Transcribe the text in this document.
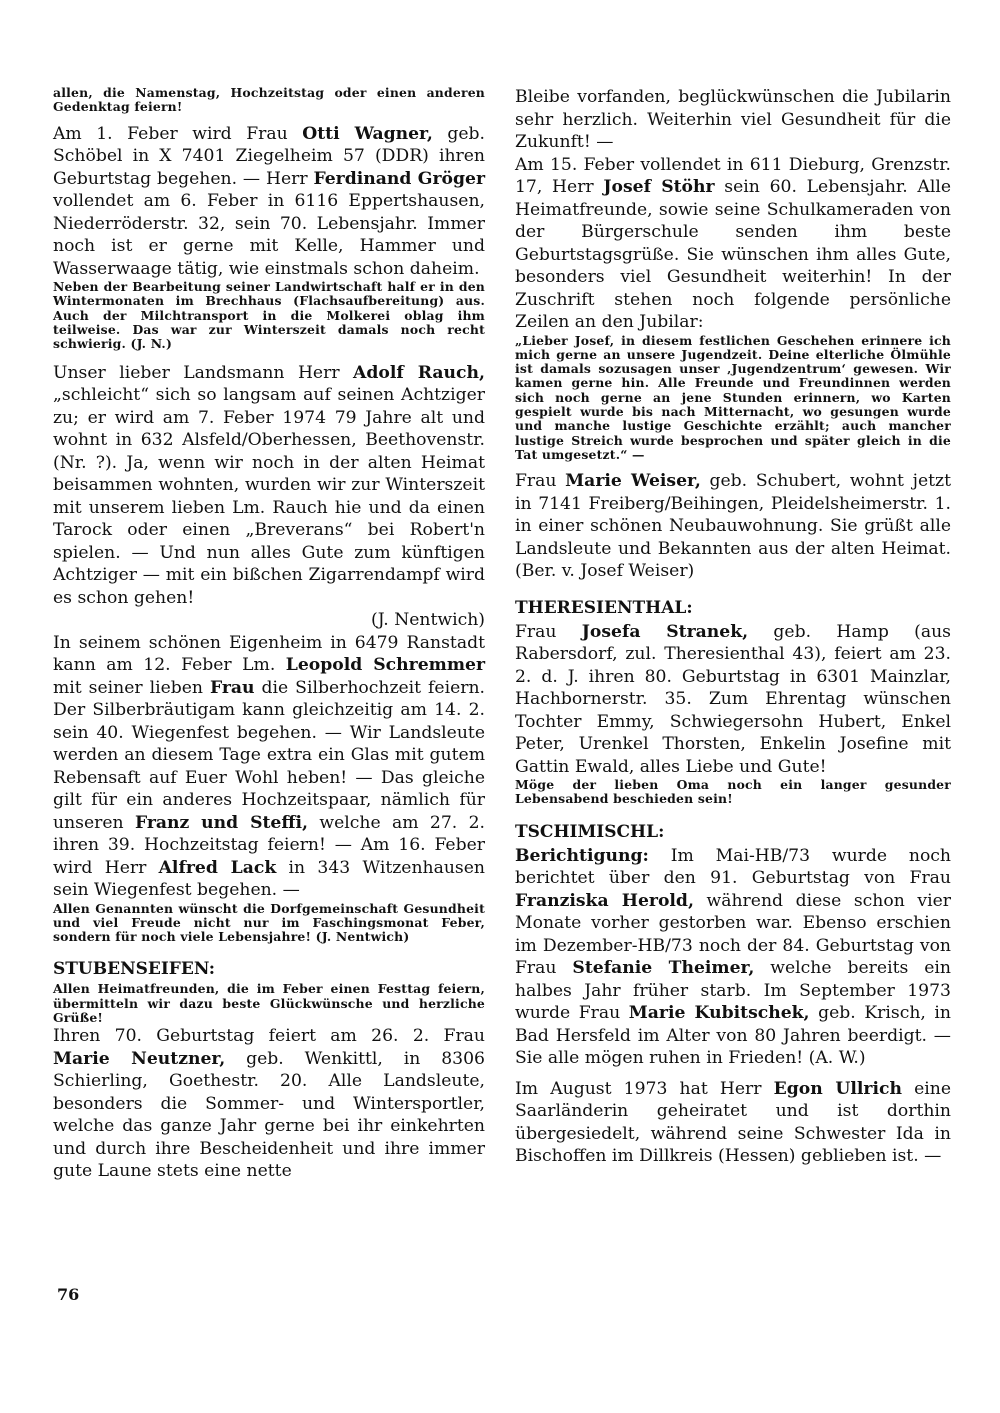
allen, die Namenstag, Hochzeitstag oder einen anderen Gedenktag feiern!

Am 1. Feber wird Frau Otti Wagner, geb. Schöbel in X 7401 Ziegelheim 57 (DDR) ihren Geburtstag begehen. — Herr Ferdinand Gröger vollendet am 6. Feber in 6116 Eppertshausen, Niederröderstr. 32, sein 70. Lebensjahr. Immer noch ist er gerne mit Kelle, Hammer und Wasserwaage tätig, wie einstmals schon daheim.

Neben der Bearbeitung seiner Landwirtschaft half er in den Wintermonaten im Brechhaus (Flachsaufbereitung) aus. Auch der Milchtransport in die Molkerei oblag ihm teilweise. Das war zur Winterszeit damals noch recht schwierig. (J. N.)

Unser lieber Landsmann Herr Adolf Rauch, „schleicht“ sich so langsam auf seinen Achtziger zu; er wird am 7. Feber 1974 79 Jahre alt und wohnt in 632 Alsfeld/Oberhessen, Beethovenstr. (Nr. ?). Ja, wenn wir noch in der alten Heimat beisammen wohnten, wurden wir zur Winterszeit mit unserem lieben Lm. Rauch hie und da einen Tarock oder einen „Breverans“ bei Robert'n spielen. — Und nun alles Gute zum künftigen Achtziger — mit ein bißchen Zigarrendampf wird es schon gehen!

(J. Nentwich)

In seinem schönen Eigenheim in 6479 Ranstadt kann am 12. Feber Lm. Leopold Schremmer mit seiner lieben Frau die Silberhochzeit feiern. Der Silberbräutigam kann gleichzeitig am 14. 2. sein 40. Wiegenfest begehen. — Wir Landsleute werden an diesem Tage extra ein Glas mit gutem Rebensaft auf Euer Wohl heben! — Das gleiche gilt für ein anderes Hochzeitspaar, nämlich für unseren Franz und Steffi, welche am 27. 2. ihren 39. Hochzeitstag feiern! — Am 16. Feber wird Herr Alfred Lack in 343 Witzenhausen sein Wiegenfest begehen. —

Allen Genannten wünscht die Dorfgemeinschaft Gesundheit und viel Freude nicht nur im Faschingsmonat Feber, sondern für noch viele Lebensjahre! (J. Nentwich)

STUBENSEIFEN:

Allen Heimatfreunden, die im Feber einen Festtag feiern, übermitteln wir dazu beste Glückwünsche und herzliche Grüße!

Ihren 70. Geburtstag feiert am 26. 2. Frau Marie Neutzner, geb. Wenkittl, in 8306 Schierling, Goethestr. 20. Alle Landsleute, besonders die Sommer- und Wintersportler, welche das ganze Jahr gerne bei ihr einkehrten und durch ihre Bescheidenheit und ihre immer gute Laune stets eine nette

Bleibe vorfanden, beglückwünschen die Jubilarin sehr herzlich. Weiterhin viel Gesundheit für die Zukunft! —

Am 15. Feber vollendet in 611 Dieburg, Grenzstr. 17, Herr Josef Stöhr sein 60. Lebensjahr. Alle Heimatfreunde, sowie seine Schulkameraden von der Bürgerschule senden ihm beste Geburtstagsgrüße. Sie wünschen ihm alles Gute, besonders viel Gesundheit weiterhin! In der Zuschrift stehen noch folgende persönliche Zeilen an den Jubilar:

„Lieber Josef, in diesem festlichen Geschehen erinnere ich mich gerne an unsere Jugendzeit. Deine elterliche Ölmühle ist damals sozusagen unser ‚Jugendzentrum‘ gewesen. Wir kamen gerne hin. Alle Freunde und Freundinnen werden sich noch gerne an jene Stunden erinnern, wo Karten gespielt wurde bis nach Mitternacht, wo gesungen wurde und manche lustige Geschichte erzählt; auch mancher lustige Streich wurde besprochen und später gleich in die Tat umgesetzt.“ —

Frau Marie Weiser, geb. Schubert, wohnt jetzt in 7141 Freiberg/Beihingen, Pleidelsheimerstr. 1. in einer schönen Neubauwohnung. Sie grüßt alle Landsleute und Bekannten aus der alten Heimat. (Ber. v. Josef Weiser)

THERESIENTHAL:

Frau Josefa Stranek, geb. Hamp (aus Rabersdorf, zul. Theresienthal 43), feiert am 23. 2. d. J. ihren 80. Geburtstag in 6301 Mainzlar, Hachbornerstr. 35. Zum Ehrentag wünschen Tochter Emmy, Schwiegersohn Hubert, Enkel Peter, Urenkel Thorsten, Enkelin Josefine mit Gattin Ewald, alles Liebe und Gute!

Möge der lieben Oma noch ein langer gesunder Lebensabend beschieden sein!

TSCHIMISCHL:

Berichtigung: Im Mai-HB/73 wurde noch berichtet über den 91. Geburtstag von Frau Franziska Herold, während diese schon vier Monate vorher gestorben war. Ebenso erschien im Dezember-HB/73 noch der 84. Geburtstag von Frau Stefanie Theimer, welche bereits ein halbes Jahr früher starb. Im September 1973 wurde Frau Marie Kubitschek, geb. Krisch, in Bad Hersfeld im Alter von 80 Jahren beerdigt. — Sie alle mögen ruhen in Frieden! (A. W.)

Im August 1973 hat Herr Egon Ullrich eine Saarländerin geheiratet und ist dorthin übergesiedelt, während seine Schwester Ida in Bischoffen im Dillkreis (Hessen) geblieben ist. —

76
